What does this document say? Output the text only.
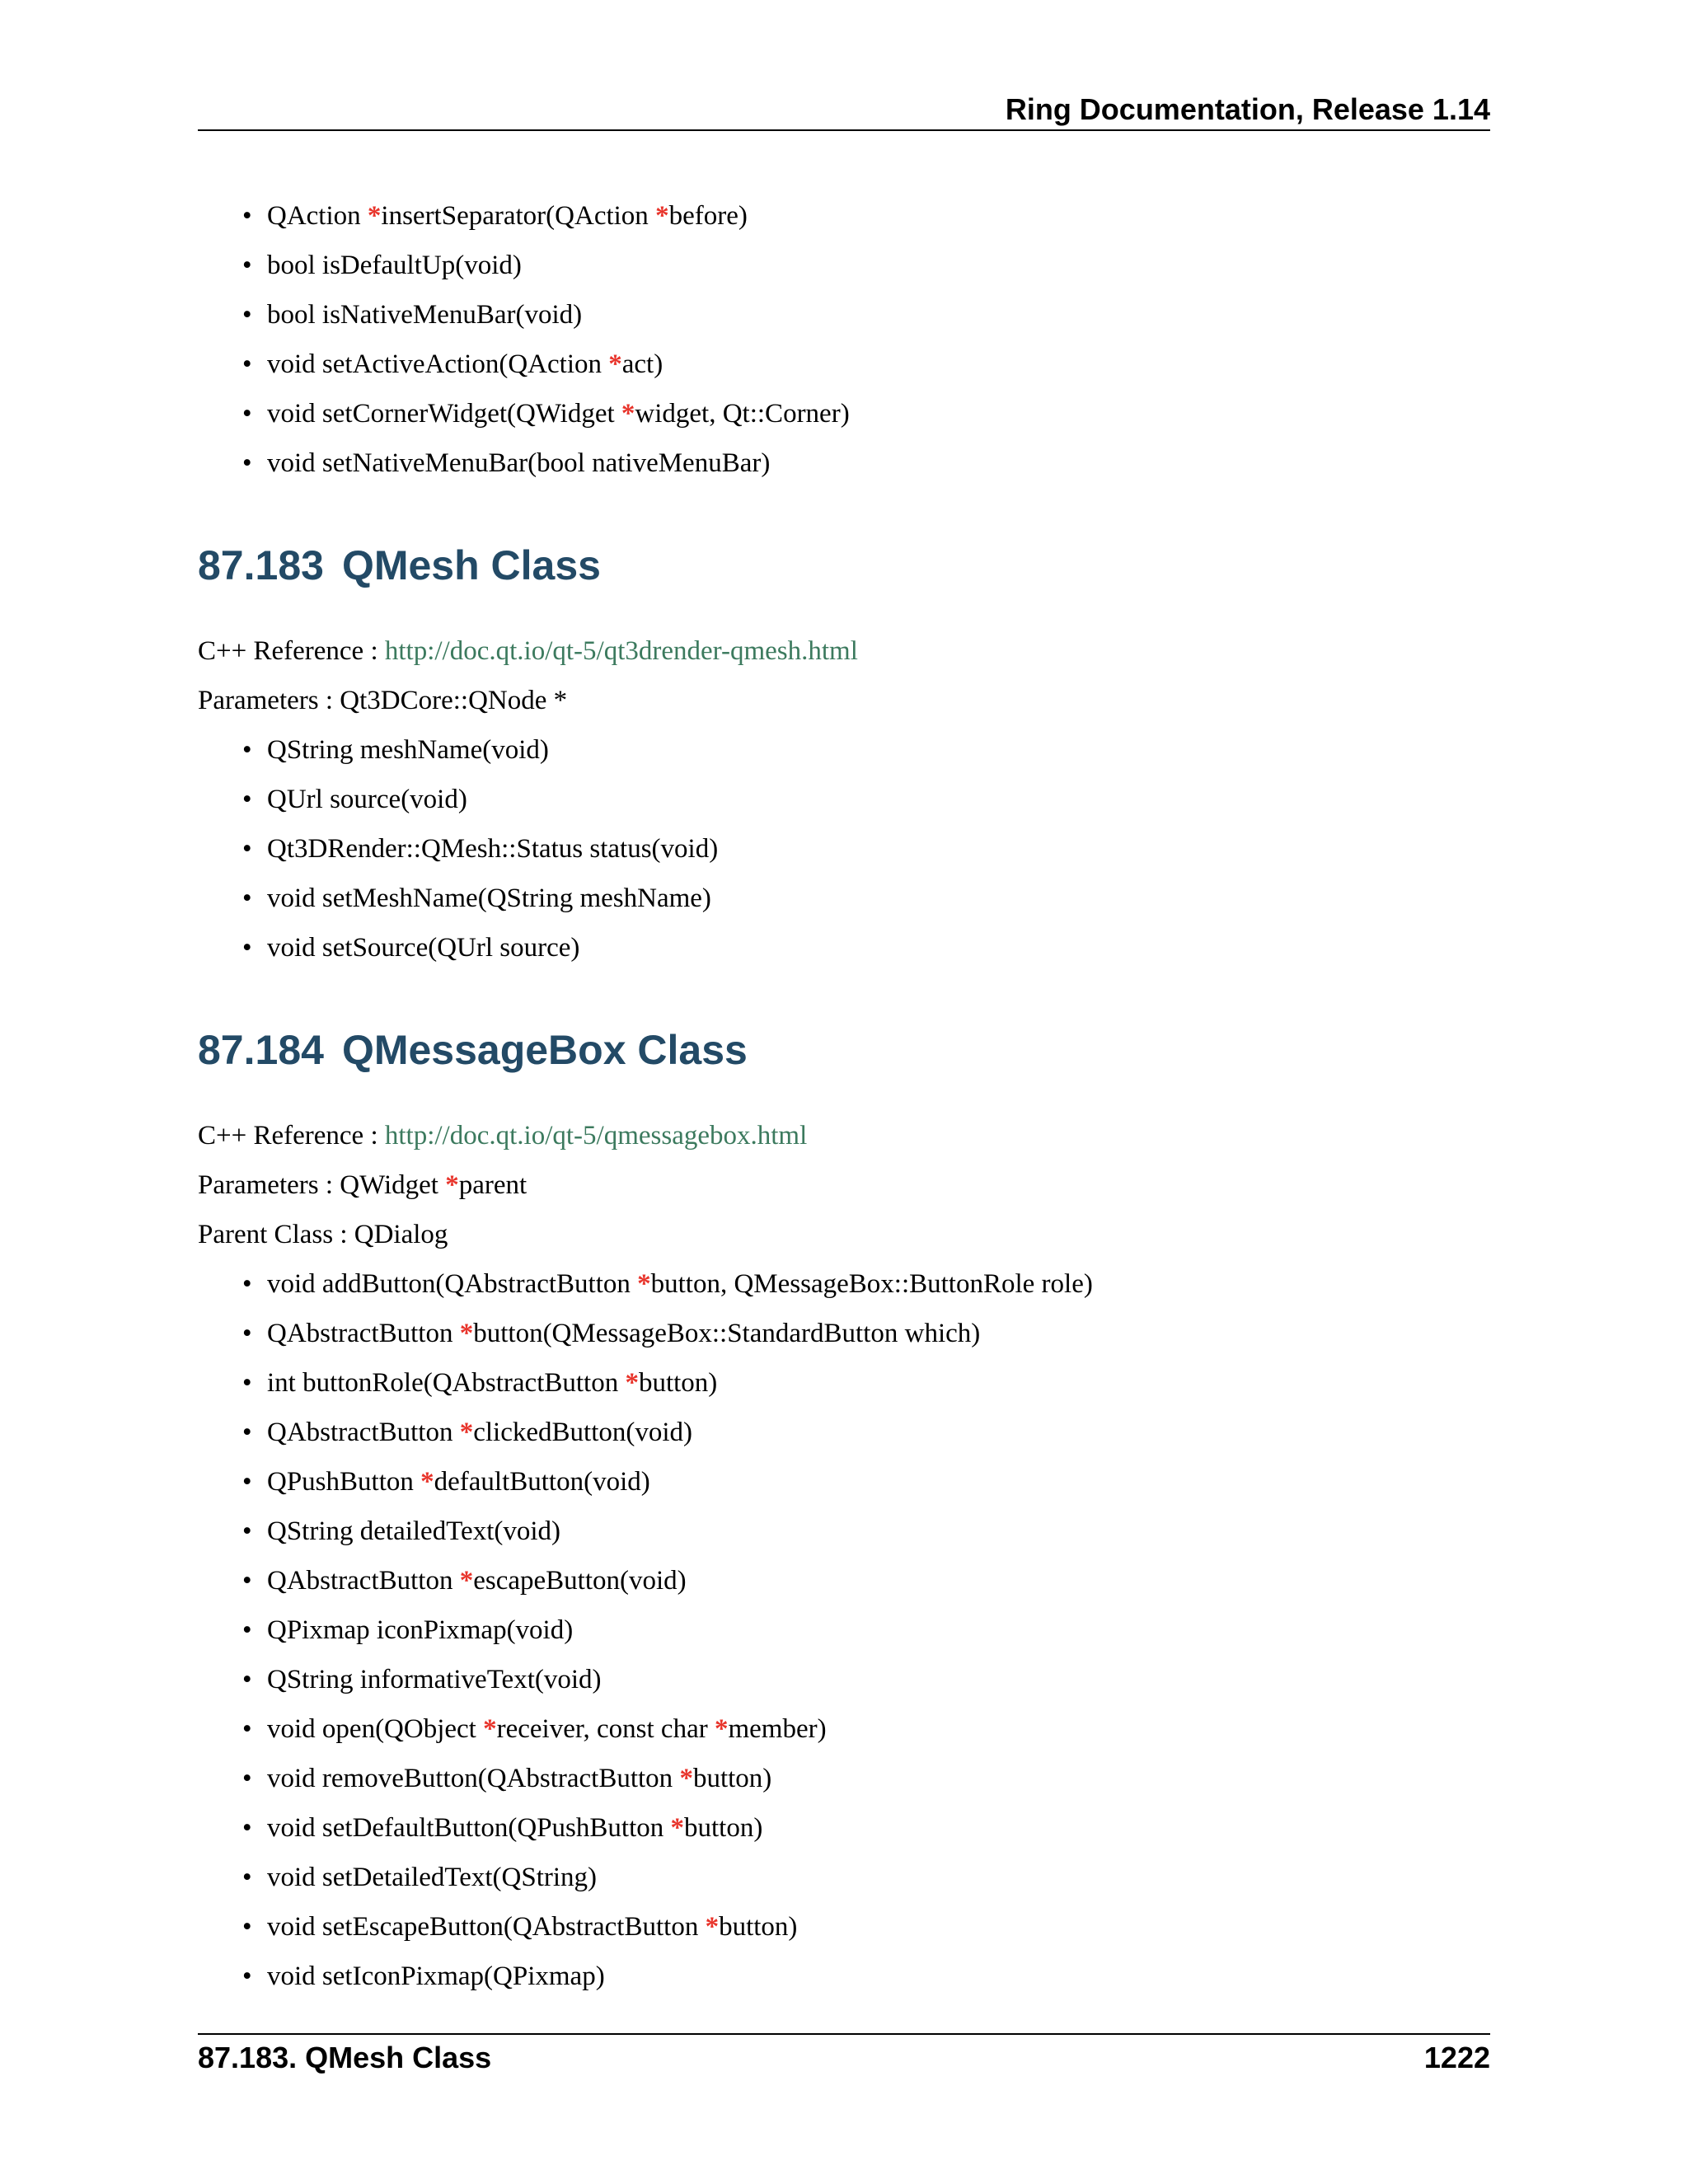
Ring Documentation, Release 1.14
• QAction *insertSeparator(QAction *before)
• bool isDefaultUp(void)
• bool isNativeMenuBar(void)
• void setActiveAction(QAction *act)
• void setCornerWidget(QWidget *widget, Qt::Corner)
• void setNativeMenuBar(bool nativeMenuBar)
87.183 QMesh Class
C++ Reference : http://doc.qt.io/qt-5/qt3drender-qmesh.html
Parameters : Qt3DCore::QNode *
• QString meshName(void)
• QUrl source(void)
• Qt3DRender::QMesh::Status status(void)
• void setMeshName(QString meshName)
• void setSource(QUrl source)
87.184 QMessageBox Class
C++ Reference : http://doc.qt.io/qt-5/qmessagebox.html
Parameters : QWidget *parent
Parent Class : QDialog
• void addButton(QAbstractButton *button, QMessageBox::ButtonRole role)
• QAbstractButton *button(QMessageBox::StandardButton which)
• int buttonRole(QAbstractButton *button)
• QAbstractButton *clickedButton(void)
• QPushButton *defaultButton(void)
• QString detailedText(void)
• QAbstractButton *escapeButton(void)
• QPixmap iconPixmap(void)
• QString informativeText(void)
• void open(QObject *receiver, const char *member)
• void removeButton(QAbstractButton *button)
• void setDefaultButton(QPushButton *button)
• void setDetailedText(QString)
• void setEscapeButton(QAbstractButton *button)
• void setIconPixmap(QPixmap)
87.183. QMesh Class	1222
